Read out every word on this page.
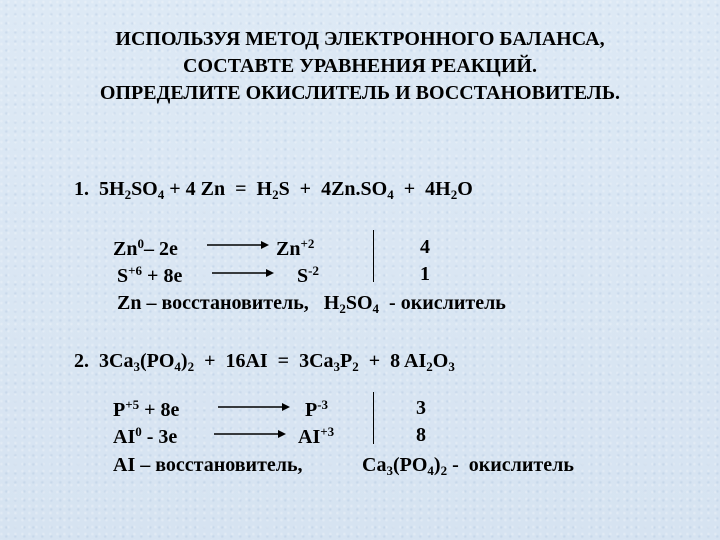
ИСПОЛЬЗУЯ МЕТОД ЭЛЕКТРОННОГО БАЛАНСА,
СОСТАВТЕ УРАВНЕНИЯ РЕАКЦИЙ.
ОПРЕДЕЛИТЕ ОКИСЛИТЕЛЬ И ВОССТАНОВИТЕЛЬ.
1. $5H_2SO_4 + 4$ $Zn = H_2S + 4Zn.SO_4 + 4H_2O$
Zn$^0$– 2e	$Zn^{+2}$	4
$S^{+6} + 8e$	$S^{-2}$	1
Zn – восстановитель,   $H_2SO_4$  - окислитель
2. $3Ca_3(PO_4)_2 + 16AI = 3Ca_3P_2 + 8$ $AI_2O_3$
$P^{+5} + 8e$	$P^{-3}$	3
$AI^0 - 3e$	$AI^{+3}$	8
AI – восстановитель,	$Ca_3(PO_4)_2$ -  окислитель
